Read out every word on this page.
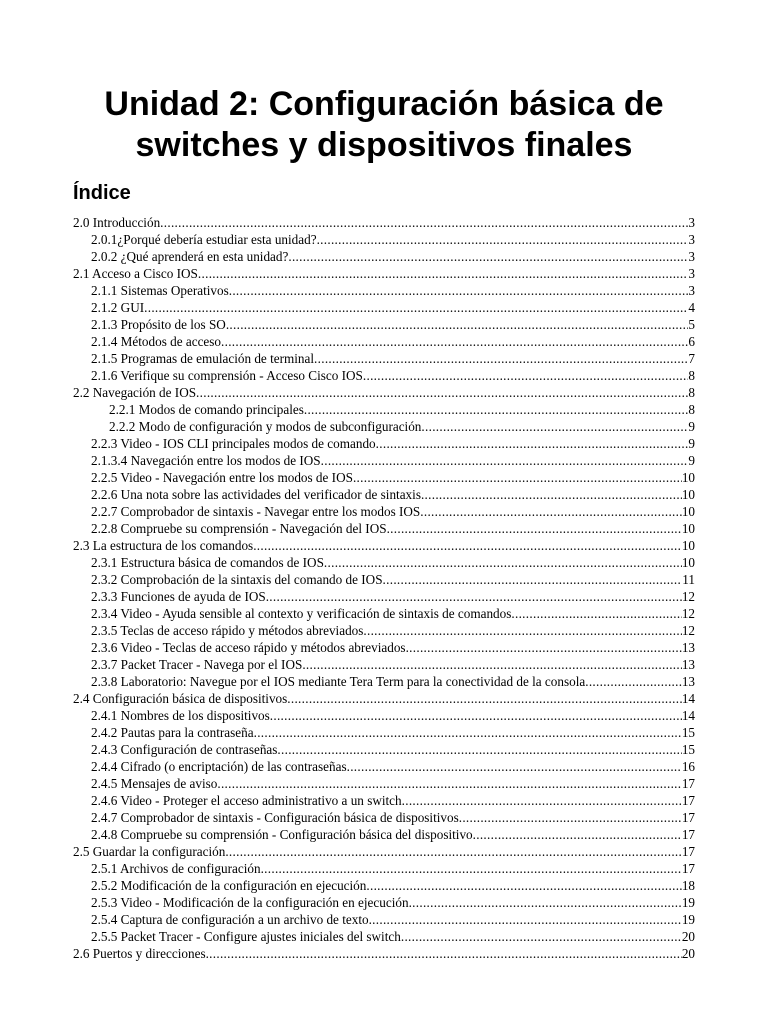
Unidad 2: Configuración básica de
switches y dispositivos finales
Índice
2.0 Introducción .....	3
2.0.1¿Porqué debería estudiar esta unidad? .....	3
2.0.2 ¿Qué aprenderá en esta unidad? .....	3
2.1 Acceso a Cisco IOS .....	3
2.1.1 Sistemas Operativos .....	3
2.1.2 GUI .....	4
2.1.3 Propósito de los SO .....	5
2.1.4 Métodos de acceso .....	6
2.1.5 Programas de emulación de terminal .....	7
2.1.6 Verifique su comprensión - Acceso Cisco IOS .....	8
2.2 Navegación de IOS .....	8
2.2.1 Modos de comando principales .....	8
2.2.2 Modo de configuración y modos de subconfiguración .....	9
2.2.3 Video - IOS CLI principales modos de comando .....	9
2.1.3.4 Navegación entre los modos de IOS .....	9
2.2.5 Video - Navegación entre los modos de IOS .....	10
2.2.6 Una nota sobre las actividades del verificador de sintaxis .....	10
2.2.7 Comprobador de sintaxis - Navegar entre los modos IOS .....	10
2.2.8 Compruebe su comprensión - Navegación del IOS .....	10
2.3 La estructura de los comandos .....	10
2.3.1 Estructura básica de comandos de IOS .....	10
2.3.2 Comprobación de la sintaxis del comando de IOS .....	11
2.3.3 Funciones de ayuda de IOS .....	12
2.3.4 Video - Ayuda sensible al contexto y verificación de sintaxis de comandos .....	12
2.3.5 Teclas de acceso rápido y métodos abreviados .....	12
2.3.6 Video - Teclas de acceso rápido y métodos abreviados .....	13
2.3.7 Packet Tracer - Navega por el IOS .....	13
2.3.8 Laboratorio: Navegue por el IOS mediante Tera Term para la conectividad de la consola .....	13
2.4 Configuración básica de dispositivos .....	14
2.4.1 Nombres de los dispositivos .....	14
2.4.2 Pautas para la contraseña .....	15
2.4.3 Configuración de contraseñas .....	15
2.4.4 Cifrado (o encriptación) de las contraseñas .....	16
2.4.5 Mensajes de aviso .....	17
2.4.6 Video - Proteger el acceso administrativo a un switch .....	17
2.4.7 Comprobador de sintaxis - Configuración básica de dispositivos .....	17
2.4.8 Compruebe su comprensión - Configuración básica del dispositivo .....	17
2.5 Guardar la configuración .....	17
2.5.1 Archivos de configuración .....	17
2.5.2 Modificación de la configuración en ejecución .....	18
2.5.3 Video - Modificación de la configuración en ejecución .....	19
2.5.4 Captura de configuración a un archivo de texto .....	19
2.5.5 Packet Tracer - Configure ajustes iniciales del switch .....	20
2.6 Puertos y direcciones .....	20
